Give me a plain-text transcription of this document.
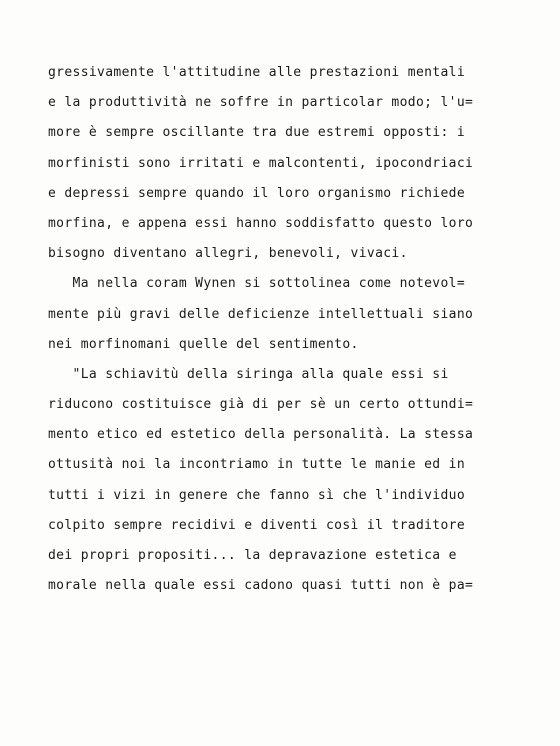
gressivamente l'attitudine alle prestazioni mentali
e la produttività ne soffre in particolar modo; l'u=
more è sempre oscillante tra due estremi opposti: i
morfinisti sono irritati e malcontenti, ipocondriaci
e depressi sempre quando il loro organismo richiede
morfina, e appena essi hanno soddisfatto questo loro
bisogno diventano allegri, benevoli, vivaci.
Ma nella coram Wynen si sottolinea come notevol=
mente più gravi delle deficienze intellettuali siano
nei morfinomani quelle del sentimento.
"La schiavitù della siringa alla quale essi si
riducono costituisce già di per sè un certo ottundi=
mento etico ed estetico della personalità. La stessa
ottusità noi la incontriamo in tutte le manie ed in
tutti i vizi in genere che fanno sì che l'individuo
colpito sempre recidivi e diventi così il traditore
dei propri propositi... la depravazione estetica e
morale nella quale essi cadono quasi tutti non è pa=
